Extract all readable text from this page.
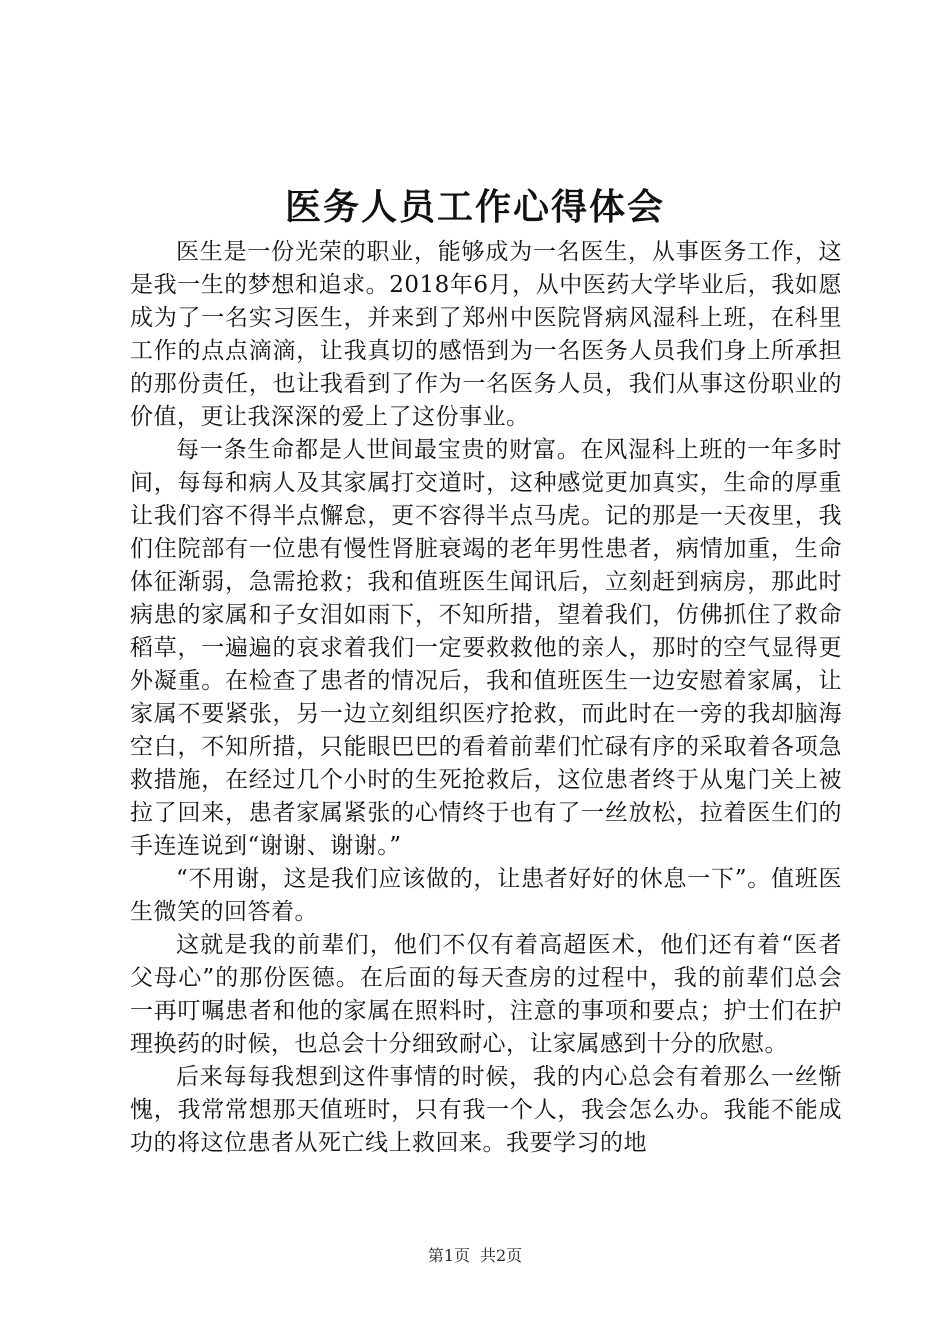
医务人员工作心得体会

医生是一份光荣的职业，能够成为一名医生，从事医务工作，这是我一生的梦想和追求。2018年6月，从中医药大学毕业后，我如愿成为了一名实习医生，并来到了郑州中医院肾病风湿科上班，在科里工作的点点滴滴，让我真切的感悟到为一名医务人员我们身上所承担的那份责任，也让我看到了作为一名医务人员，我们从事这份职业的价值，更让我深深的爱上了这份事业。

每一条生命都是人世间最宝贵的财富。在风湿科上班的一年多时间，每每和病人及其家属打交道时，这种感觉更加真实，生命的厚重让我们容不得半点懈怠，更不容得半点马虎。记的那是一天夜里，我们住院部有一位患有慢性肾脏衰竭的老年男性患者，病情加重，生命体征渐弱，急需抢救；我和值班医生闻讯后，立刻赶到病房，那此时病患的家属和子女泪如雨下，不知所措，望着我们，仿佛抓住了救命稻草，一遍遍的哀求着我们一定要救救他的亲人，那时的空气显得更外凝重。在检查了患者的情况后，我和值班医生一边安慰着家属，让家属不要紧张，另一边立刻组织医疗抢救，而此时在一旁的我却脑海空白，不知所措，只能眼巴巴的看着前辈们忙碌有序的采取着各项急救措施，在经过几个小时的生死抢救后，这位患者终于从鬼门关上被拉了回来，患者家属紧张的心情终于也有了一丝放松，拉着医生们的手连连说到“谢谢、谢谢。”

“不用谢，这是我们应该做的，让患者好好的休息一下”。值班医生微笑的回答着。

这就是我的前辈们，他们不仅有着高超医术，他们还有着“医者父母心”的那份医德。在后面的每天查房的过程中，我的前辈们总会一再叮嘱患者和他的家属在照料时，注意的事项和要点；护士们在护理换药的时候，也总会十分细致耐心，让家属感到十分的欣慰。

后来每每我想到这件事情的时候，我的内心总会有着那么一丝惭愧，我常常想那天值班时，只有我一个人，我会怎么办。我能不能成功的将这位患者从死亡线上救回来。我要学习的地

第1页 共2页
